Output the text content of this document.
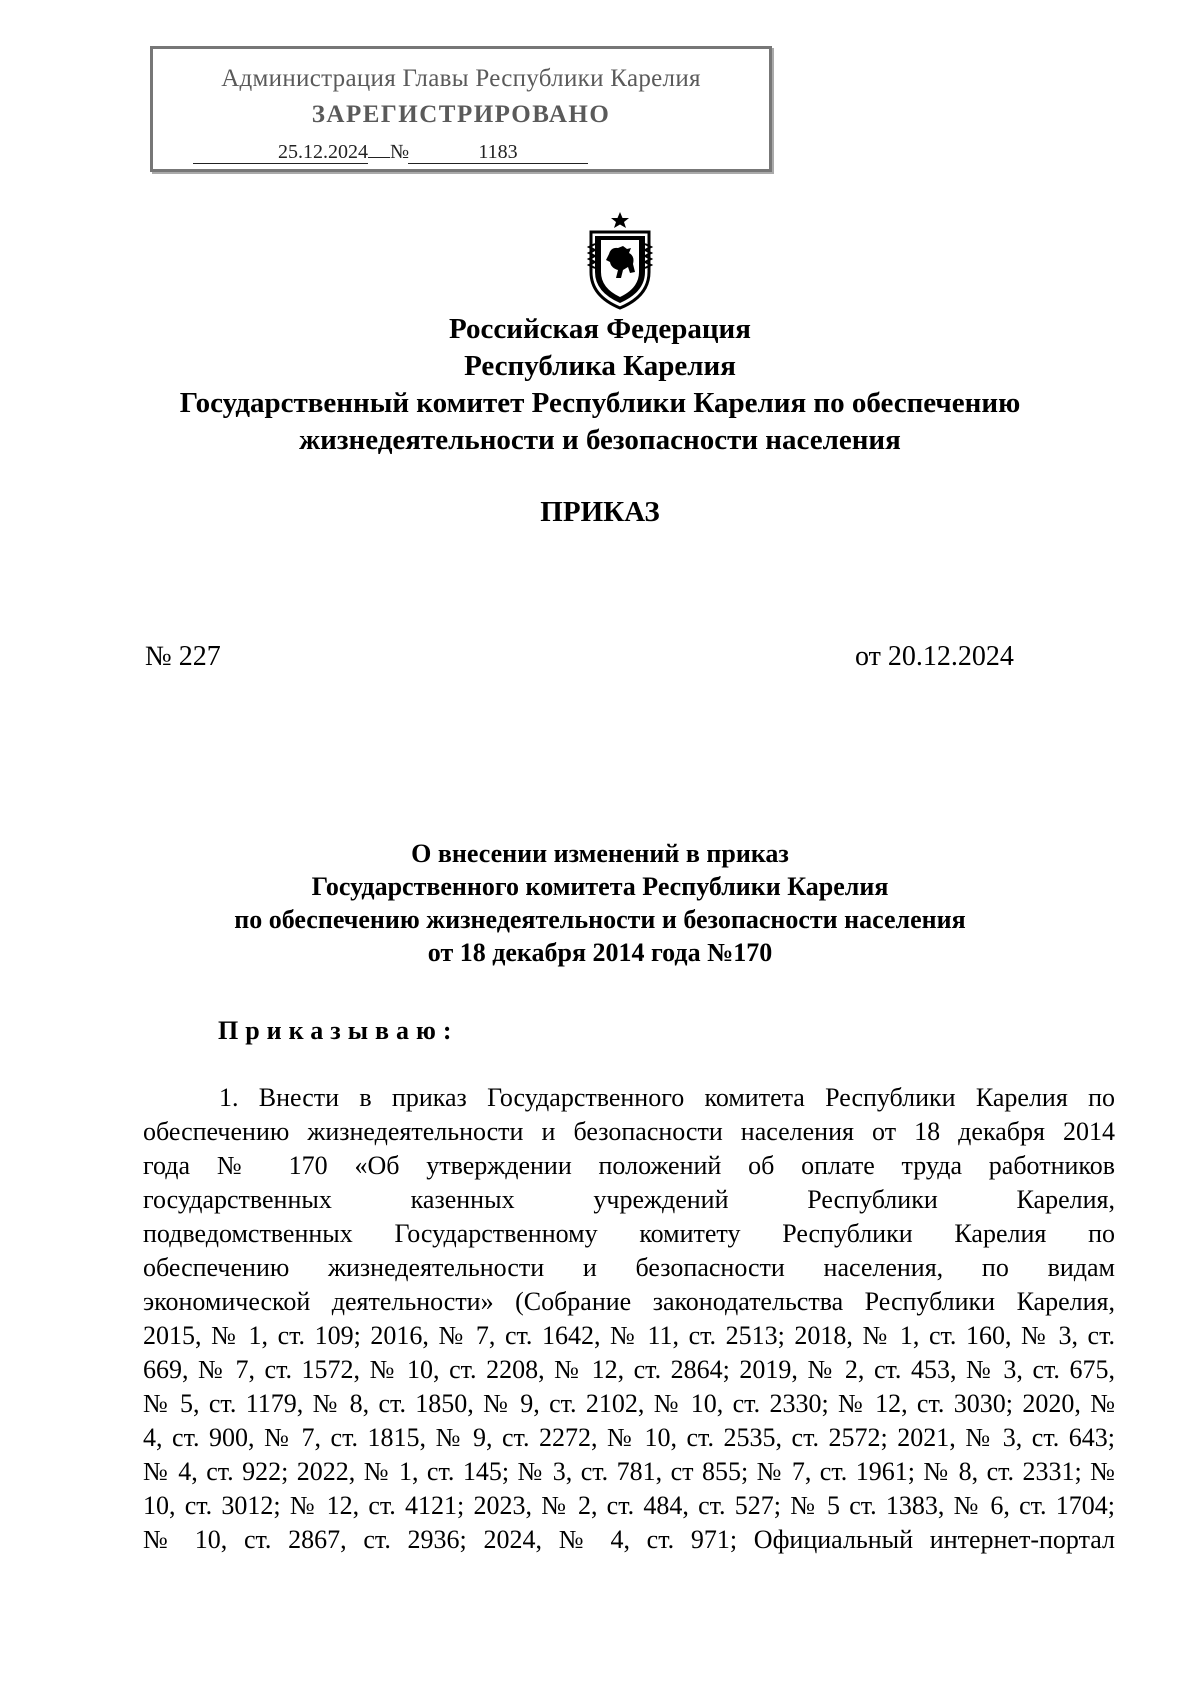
Администрация Главы Республики Карелия
ЗАРЕГИСТРИРОВАНО
25.12.2024 №	1183
Российская Федерация
Республика Карелия
Государственный комитет Республики Карелия по обеспечению
жизнедеятельности и безопасности населения
ПРИКАЗ
№ 227	от 20.12.2024
О внесении изменений в приказ
Государственного комитета Республики Карелия
по обеспечению жизнедеятельности и безопасности населения
от 18 декабря 2014 года №170
Приказываю:
1. Внести в приказ Государственного комитета Республики Карелия по
обеспечению жизнедеятельности и безопасности населения от 18 декабря 2014
года № 170 «Об утверждении положений об оплате труда работников
государственных казенных учреждений Республики Карелия,
подведомственных Государственному комитету Республики Карелия по
обеспечению жизнедеятельности и безопасности населения, по видам
экономической деятельности» (Собрание законодательства Республики Карелия,
2015, № 1, ст. 109; 2016, № 7, ст. 1642, № 11, ст. 2513; 2018, № 1, ст. 160, № 3, ст.
669, № 7, ст. 1572, № 10, ст. 2208, № 12, ст. 2864; 2019, № 2, ст. 453, № 3, ст. 675,
№ 5, ст. 1179, № 8, ст. 1850, № 9, ст. 2102, № 10, ст. 2330; № 12, ст. 3030; 2020, №
4, ст. 900, № 7, ст. 1815, № 9, ст. 2272, № 10, ст. 2535, ст. 2572; 2021, № 3, ст. 643;
№ 4, ст. 922; 2022, № 1, ст. 145; № 3, ст. 781, ст 855; № 7, ст. 1961; № 8, ст. 2331; №
10, ст. 3012; № 12, ст. 4121; 2023, № 2, ст. 484, ст. 527; № 5 ст. 1383, № 6, ст. 1704;
№ 10, ст. 2867, ст. 2936; 2024, № 4, ст. 971; Официальный интернет-портал
